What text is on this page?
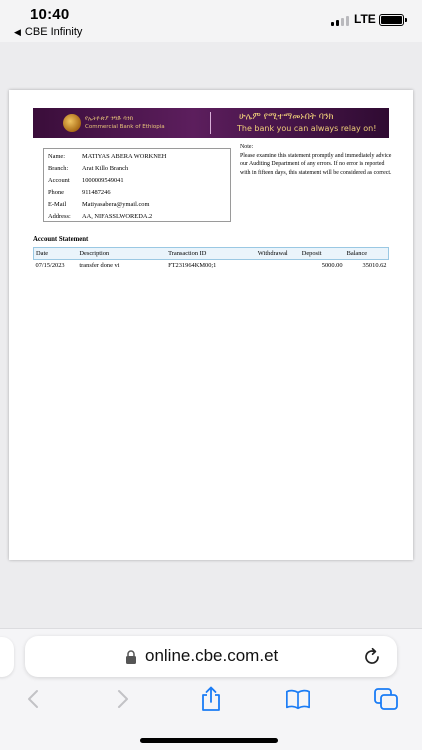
10:40
◀ CBE Infinity
LTE
የኢትዮጵያ ንግድ ባንክ
Commercial Bank of Ethiopia
ሁሌም የሚተማመኑበት ባንክ
The bank you can always relay on!
Name:	MATIYAS ABERA WORKNEH
Branch:	Arat Killo Branch
Account	1000009549041
Phone	911487246
E-Mail	Matiyasabera@ymail.com
Address:	AA, NIFASSLWOREDA.2
Note:
Please examine this statement promptly and immediately advice our Auditing Department of any errors. If no error is reported with in fifteen days, this statement will be considered as correct.
Account Statement
Date	Description	Transaction ID	Withdrawal	Deposit	Balance
07/15/2023	transfer done vi	FT231964KM00;1		5000.00	35010.62
online.cbe.com.et
